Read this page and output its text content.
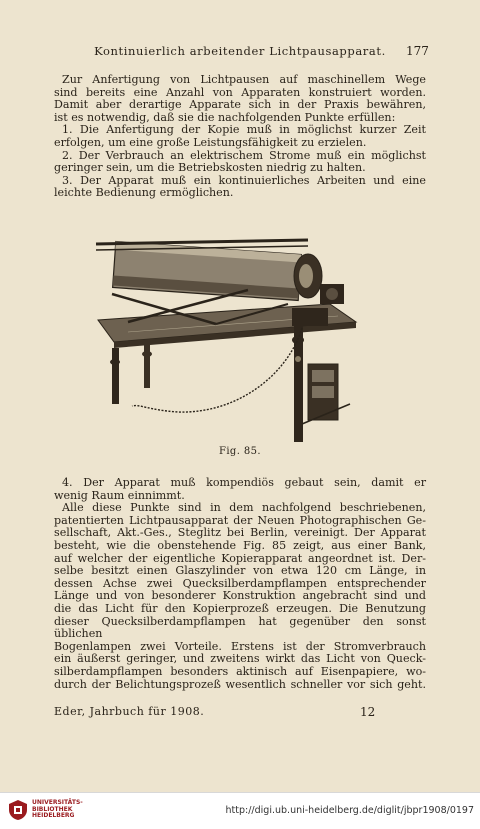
Kontinuierlich arbeitender Lichtpausapparat.	177

Zur Anfertigung von Lichtpausen auf maschinellem Wege

sind bereits eine Anzahl von Apparaten konstruiert worden.

Damit aber derartige Apparate sich in der Praxis bewähren,

ist es notwendig, daß sie die nachfolgenden Punkte erfüllen:

1. Die Anfertigung der Kopie muß in möglichst kurzer Zeit

erfolgen, um eine große Leistungsfähigkeit zu erzielen.

2. Der Verbrauch an elektrischem Strome muß ein möglichst

geringer sein, um die Betriebskosten niedrig zu halten.

3. Der Apparat muß ein kontinuierliches Arbeiten und eine

leichte Bedienung ermöglichen.

Fig. 85.

4. Der Apparat muß kompendiös gebaut sein, damit er

wenig Raum einnimmt.

Alle diese Punkte sind in dem nachfolgend beschriebenen,

patentierten Lichtpausapparat der Neuen Photographischen Ge-

sellschaft, Akt.-Ges., Steglitz bei Berlin, vereinigt. Der Apparat

besteht, wie die obenstehende Fig. 85 zeigt, aus einer Bank,

auf welcher der eigentliche Kopierapparat angeordnet ist. Der-

selbe besitzt einen Glaszylinder von etwa 120 cm Länge, in

dessen Achse zwei Quecksilberdampflampen entsprechender

Länge und von besonderer Konstruktion angebracht sind und

die das Licht für den Kopierprozeß erzeugen. Die Benutzung

dieser Quecksilberdampflampen hat gegenüber den sonst üblichen

Bogenlampen zwei Vorteile. Erstens ist der Stromverbrauch

ein äußerst geringer, und zweitens wirkt das Licht von Queck-

silberdampflampen besonders aktinisch auf Eisenpapiere, wo-

durch der Belichtungsprozeß wesentlich schneller vor sich geht.

Eder, Jahrbuch für 1908.	12
UNIVERSITÄTS-
BIBLIOTHEK
HEIDELBERG	http://digi.ub.uni-heidelberg.de/diglit/jbpr1908/0197
